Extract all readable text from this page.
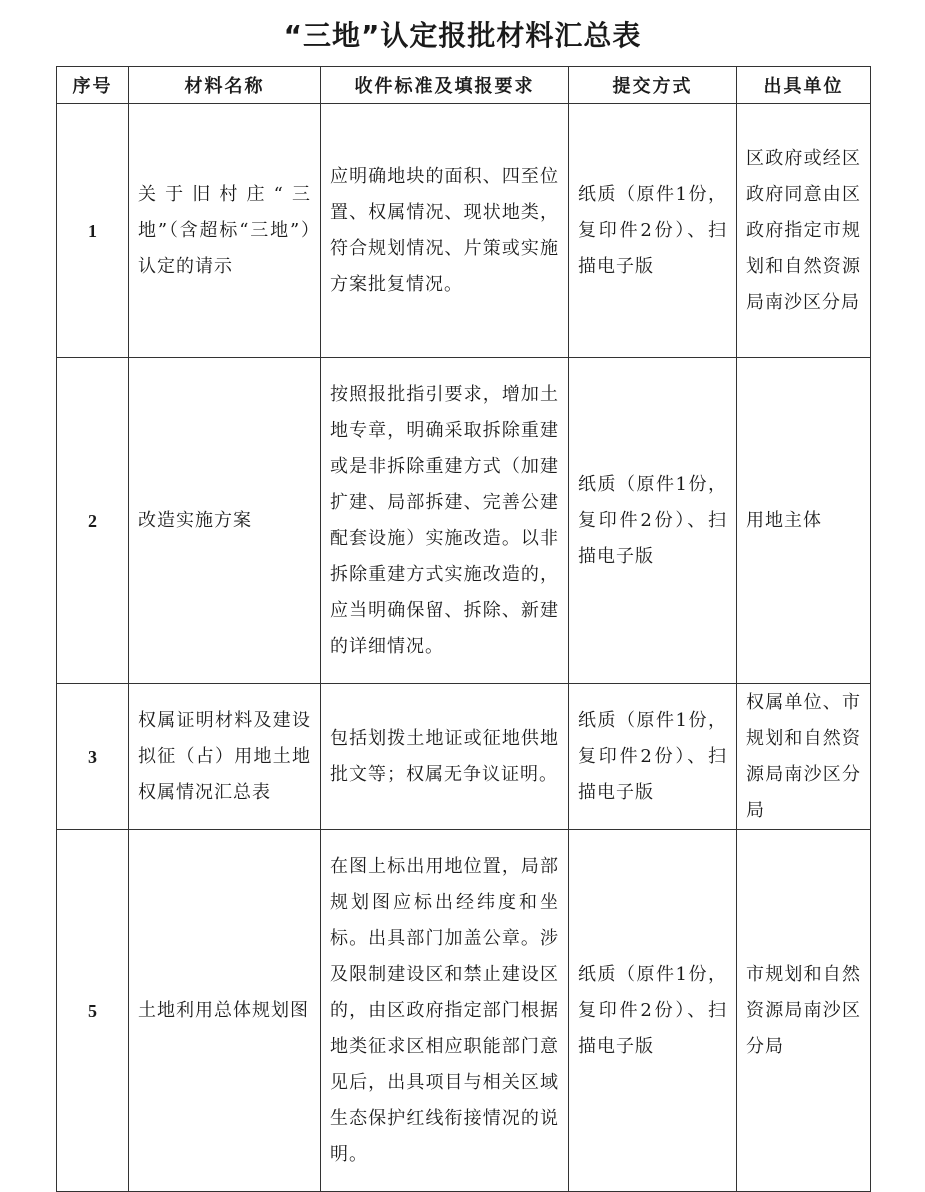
“三地”认定报批材料汇总表
序号	材料名称	收件标准及填报要求	提交方式	出具单位
1	关于旧村庄“三地”（含超标“三地”）认定的请示	应明确地块的面积、四至位置、权属情况、现状地类，符合规划情况、片策或实施方案批复情况。	纸质（原件1份，复印件2份）、扫描电子版	区政府或经区政府同意由区政府指定市规划和自然资源局南沙区分局
2	改造实施方案	按照报批指引要求，增加土地专章，明确采取拆除重建或是非拆除重建方式（加建扩建、局部拆建、完善公建配套设施）实施改造。以非拆除重建方式实施改造的，应当明确保留、拆除、新建的详细情况。	纸质（原件1份，复印件2份）、扫描电子版	用地主体
3	权属证明材料及建设拟征（占）用地土地权属情况汇总表	包括划拨土地证或征地供地批文等；权属无争议证明。	纸质（原件1份，复印件2份）、扫描电子版	权属单位、市规划和自然资源局南沙区分局
5	土地利用总体规划图	在图上标出用地位置，局部规划图应标出经纬度和坐标。出具部门加盖公章。涉及限制建设区和禁止建设区的，由区政府指定部门根据地类征求区相应职能部门意见后，出具项目与相关区域生态保护红线衔接情况的说明。	纸质（原件1份，复印件2份）、扫描电子版	市规划和自然资源局南沙区分局
